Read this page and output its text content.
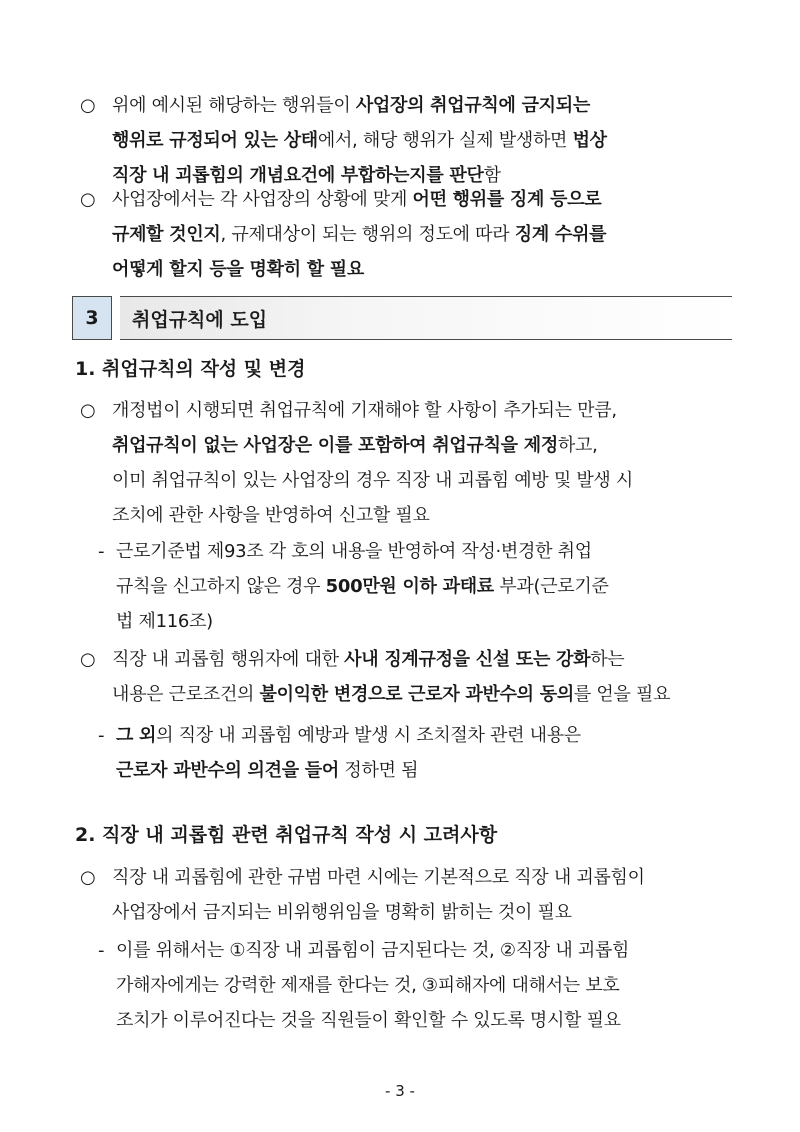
○ 위에 예시된 해당하는 행위들이 사업장의 취업규칙에 금지되는
행위로 규정되어 있는 상태에서, 해당 행위가 실제 발생하면 법상
직장 내 괴롭힘의 개념요건에 부합하는지를 판단함
○ 사업장에서는 각 사업장의 상황에 맞게 어떤 행위를 징계 등으로
규제할 것인지, 규제대상이 되는 행위의 정도에 따라 징계 수위를
어떻게 할지 등을 명확히 할 필요
3	취업규칙에 도입
1. 취업규칙의 작성 및 변경
○ 개정법이 시행되면 취업규칙에 기재해야 할 사항이 추가되는 만큼,
취업규칙이 없는 사업장은 이를 포함하여 취업규칙을 제정하고,
이미 취업규칙이 있는 사업장의 경우 직장 내 괴롭힘 예방 및 발생 시
조치에 관한 사항을 반영하여 신고할 필요
- 근로기준법 제93조 각 호의 내용을 반영하여 작성·변경한 취업
규칙을 신고하지 않은 경우 500만원 이하 과태료 부과(근로기준
법 제116조)
○ 직장 내 괴롭힘 행위자에 대한 사내 징계규정을 신설 또는 강화하는
내용은 근로조건의 불이익한 변경으로 근로자 과반수의 동의를 얻을 필요
- 그 외의 직장 내 괴롭힘 예방과 발생 시 조치절차 관련 내용은
근로자 과반수의 의견을 들어 정하면 됨
2. 직장 내 괴롭힘 관련 취업규칙 작성 시 고려사항
○ 직장 내 괴롭힘에 관한 규범 마련 시에는 기본적으로 직장 내 괴롭힘이
사업장에서 금지되는 비위행위임을 명확히 밝히는 것이 필요
- 이를 위해서는 ①직장 내 괴롭힘이 금지된다는 것, ②직장 내 괴롭힘
가해자에게는 강력한 제재를 한다는 것, ③피해자에 대해서는 보호
조치가 이루어진다는 것을 직원들이 확인할 수 있도록 명시할 필요
- 3 -
